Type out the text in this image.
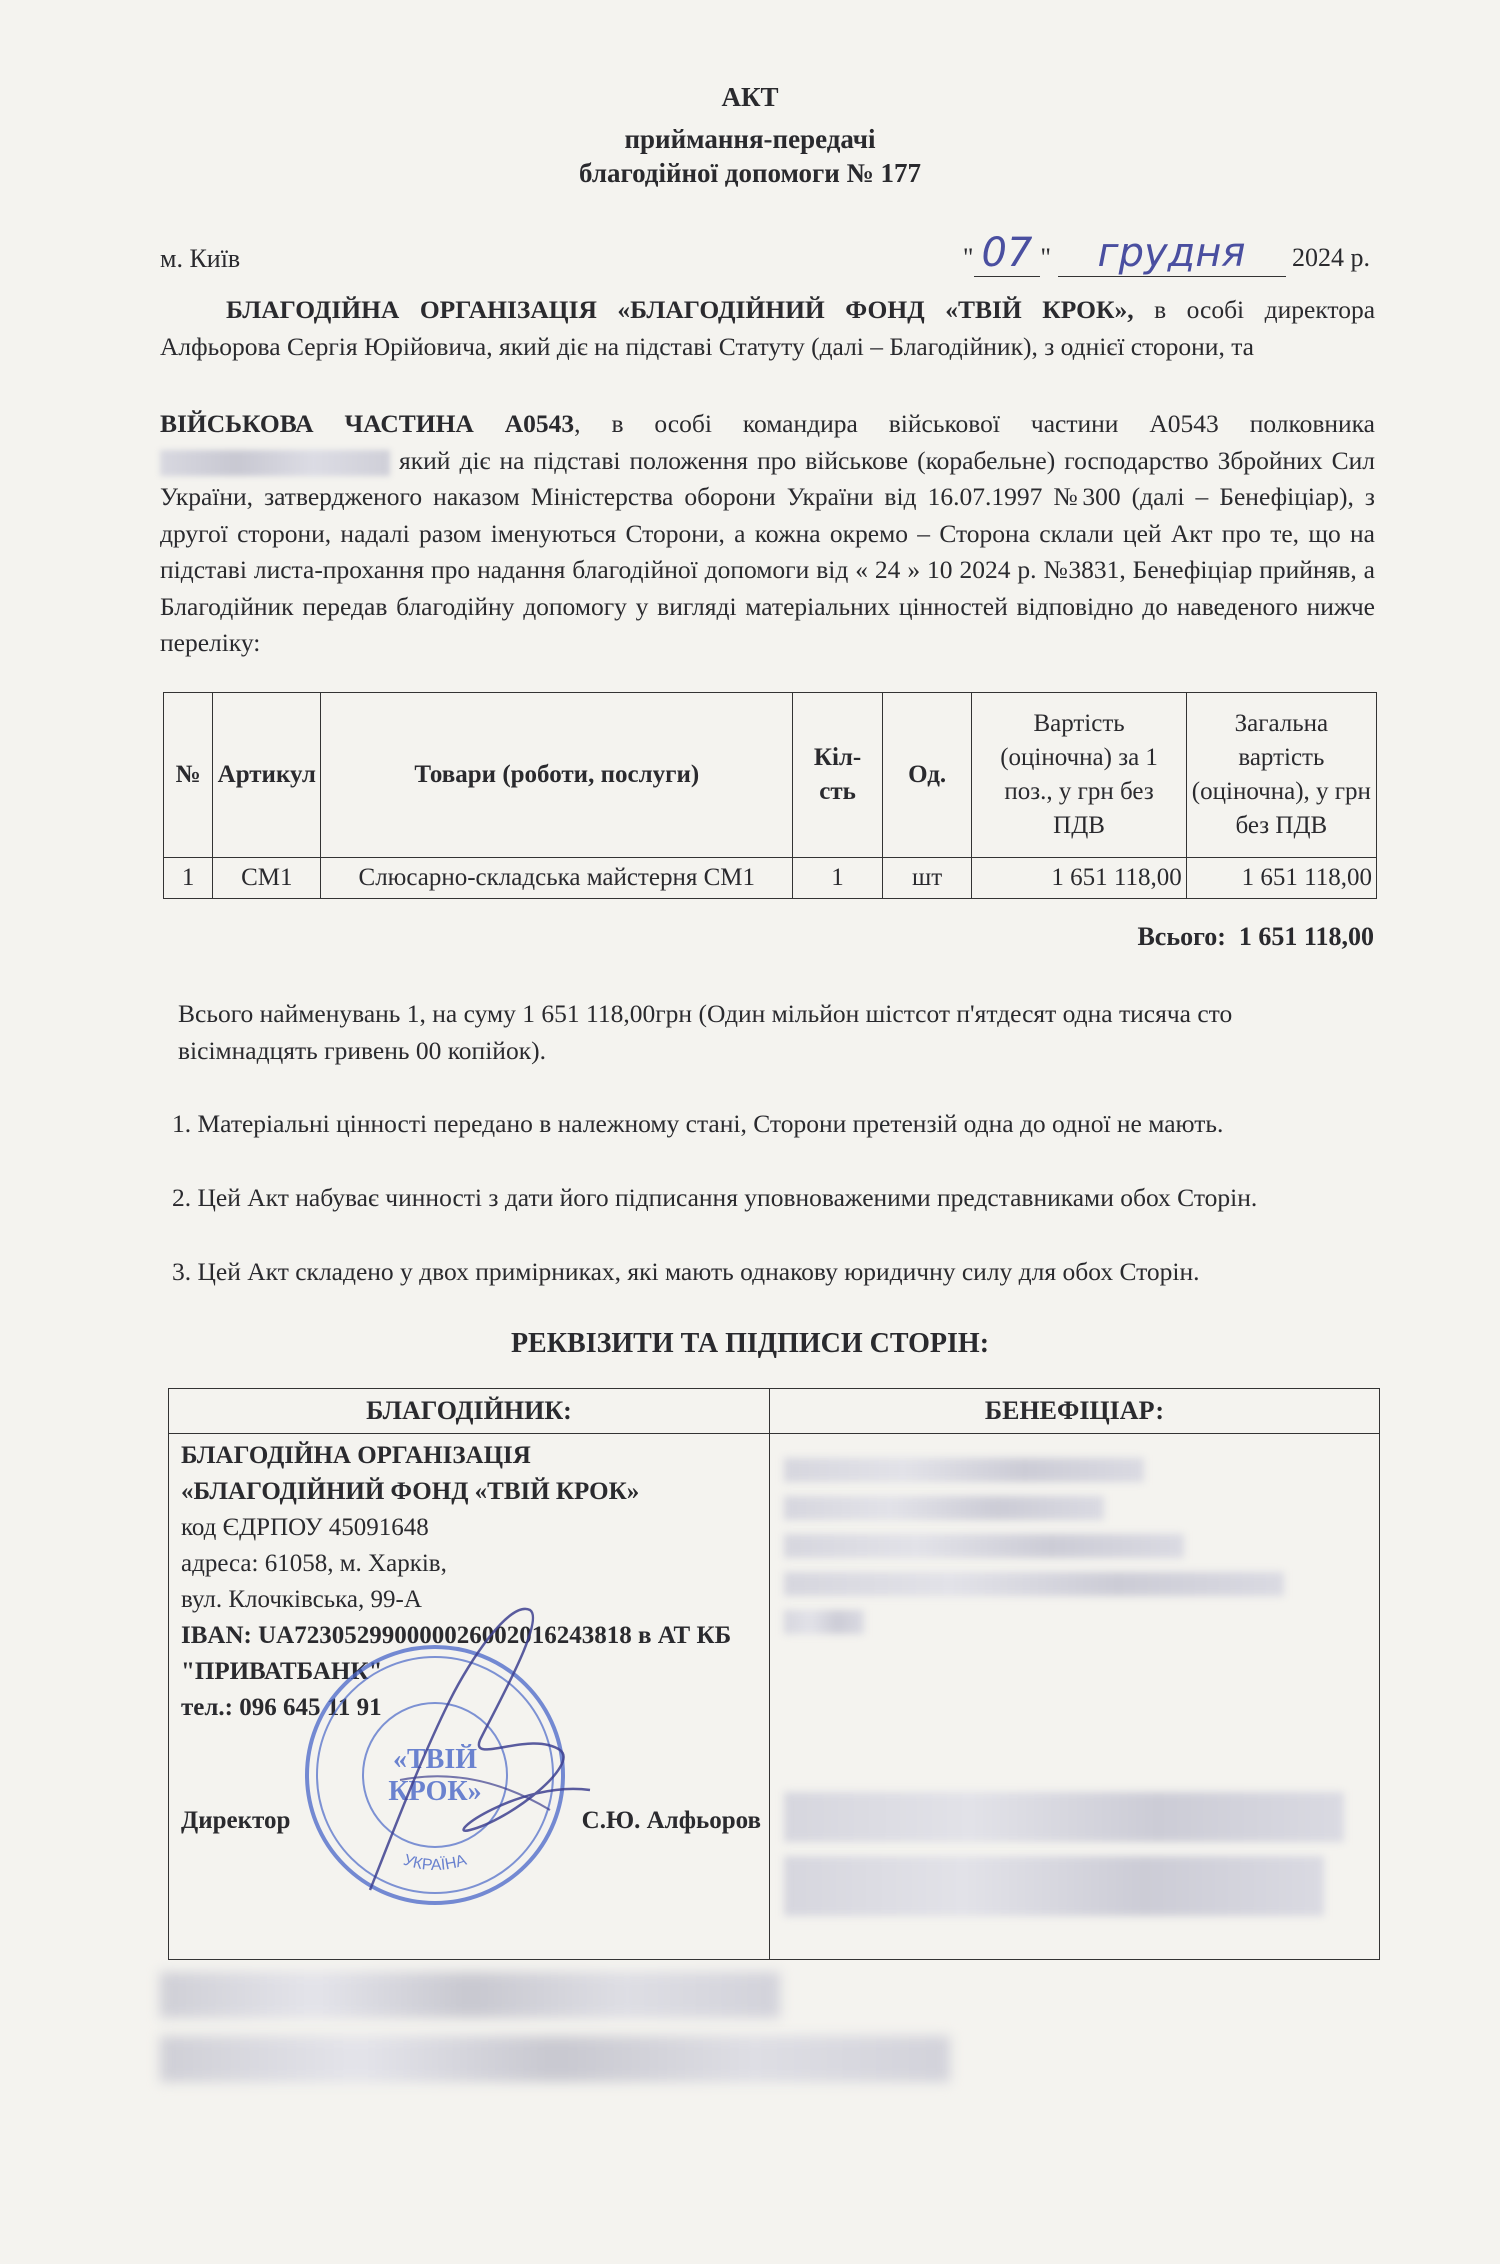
АКТ
приймання-передачі
благодійної допомоги № 177
м. Київ	" 07 " грудня 2024 р.
БЛАГОДІЙНА ОРГАНІЗАЦІЯ «БЛАГОДІЙНИЙ ФОНД «ТВІЙ КРОК», в особі директора Алфьорова Сергія Юрійовича, який діє на підставі Статуту (далі – Благодійник), з однієї сторони, та
ВІЙСЬКОВА ЧАСТИНА А0543, в особі командира військової частини А0543 полковника  який діє на підставі положення про військове (корабельне) господарство Збройних Сил України, затвердженого наказом Міністерства оборони України від 16.07.1997 №300 (далі – Бенефіціар), з другої сторони, надалі разом іменуються Сторони, а кожна окремо – Сторона склали цей Акт про те, що на підставі листа-прохання про надання благодійної допомоги від « 24 » 10 2024 р. №3831, Бенефіціар прийняв, а Благодійник передав благодійну допомогу у вигляді матеріальних цінностей відповідно до наведеного нижче переліку:
№	Артикул	Товари (роботи, послуги)	Кіл-сть	Од.	Вартість (оціночна) за 1 поз., у грн без ПДВ	Загальна вартість (оціночна), у грн без ПДВ
1	СМ1	Слюсарно-складська майстерня СМ1	1	шт	1 651 118,00	1 651 118,00
Всього: 1 651 118,00
Всього найменувань 1, на суму 1 651 118,00грн (Один мільйон шістсот п'ятдесят одна тисяча сто вісімнадцять гривень 00 копійок).
1. Матеріальні цінності передано в належному стані, Сторони претензій одна до одної не мають.
2. Цей Акт набуває чинності з дати його підписання уповноваженими представниками обох Сторін.
3. Цей Акт складено у двох примірниках, які мають однакову юридичну силу для обох Сторін.
РЕКВІЗИТИ ТА ПІДПИСИ СТОРІН:
БЛАГОДІЙНИК:
БЛАГОДІЙНА ОРГАНІЗАЦІЯ
«БЛАГОДІЙНИЙ ФОНД «ТВІЙ КРОК»
код ЄДРПОУ 45091648
адреса: 61058, м. Харків,
вул. Клочківська, 99-А
IBAN: UA723052990000026002016243818 в АТ КБ "ПРИВАТБАНК"
тел.: 096 645 11 91
Директор	С.Ю. Алфьоров
БЕНЕФІЦІАР:
«ТВІЙ
КРОК»
УКРАЇНА
